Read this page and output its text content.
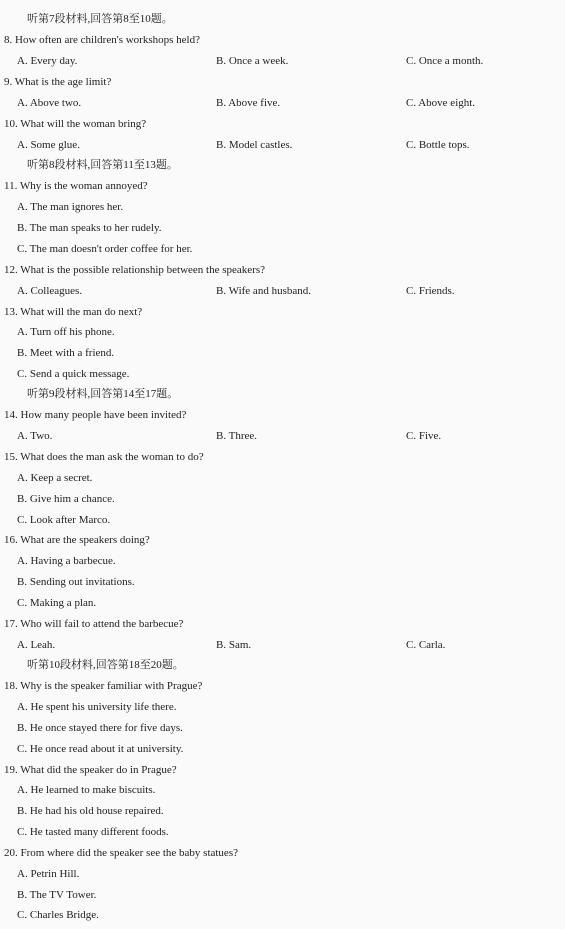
听第7段材料,回答第8至10题。
8. How often are children's workshops held?
A. Every day.	B. Once a week.	C. Once a month.
9. What is the age limit?
A. Above two.	B. Above five.	C. Above eight.
10. What will the woman bring?
A. Some glue.	B. Model castles.	C. Bottle tops.
听第8段材料,回答第11至13题。
11. Why is the woman annoyed?
A. The man ignores her.
B. The man speaks to her rudely.
C. The man doesn't order coffee for her.
12. What is the possible relationship between the speakers?
A. Colleagues.	B. Wife and husband.	C. Friends.
13. What will the man do next?
A. Turn off his phone.
B. Meet with a friend.
C. Send a quick message.
听第9段材料,回答第14至17题。
14. How many people have been invited?
A. Two.	B. Three.	C. Five.
15. What does the man ask the woman to do?
A. Keep a secret.
B. Give him a chance.
C. Look after Marco.
16. What are the speakers doing?
A. Having a barbecue.
B. Sending out invitations.
C. Making a plan.
17. Who will fail to attend the barbecue?
A. Leah.	B. Sam.	C. Carla.
听第10段材料,回答第18至20题。
18. Why is the speaker familiar with Prague?
A. He spent his university life there.
B. He once stayed there for five days.
C. He once read about it at university.
19. What did the speaker do in Prague?
A. He learned to make biscuits.
B. He had his old house repaired.
C. He tasted many different foods.
20. From where did the speaker see the baby statues?
A. Petrin Hill.
B. The TV Tower.
C. Charles Bridge.
